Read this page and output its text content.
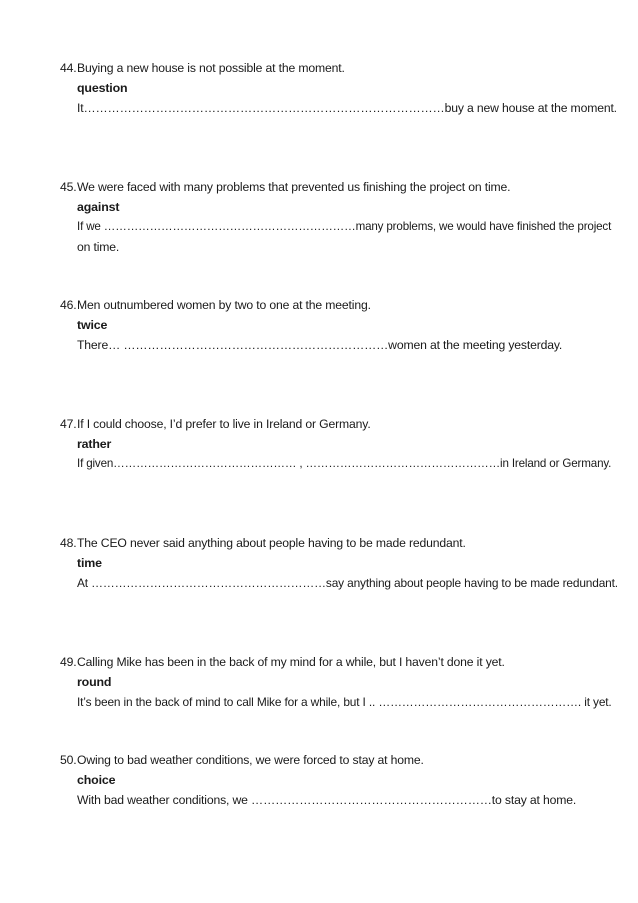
44. Buying a new house is not possible at the moment.
question
It………………………………………………………………………………buy a new house at the moment.
45. We were faced with many problems that prevented us finishing the project on time.
against
If we …………………………………………………………many problems, we would have finished the project
on time.
46. Men outnumbered women by two to one at the meeting.
twice
There… …………………………………………………………women at the meeting yesterday.
47. If I could choose, I’d prefer to live in Ireland or Germany.
rather
If given………………………………………… , ……………………………………………in Ireland or Germany.
48. The CEO never said anything about people having to be made redundant.
time
At ……………………………………………………say anything about people having to be made redundant.
49. Calling Mike has been in the back of my mind for a while, but I haven’t done it yet.
round
It’s been in the back of mind to call Mike for a while, but I .. ……………………………………………. it yet.
50. Owing to bad weather conditions, we were forced to stay at home.
choice
With bad weather conditions, we ……………………………………………………to stay at home.
